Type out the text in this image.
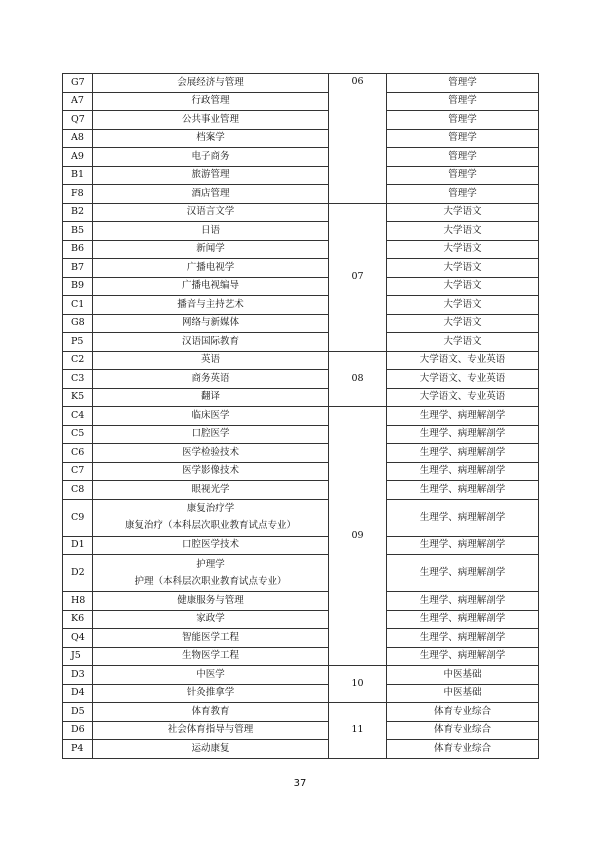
G7	会展经济与管理	06	管理学
A7	行政管理		管理学
Q7	公共事业管理		管理学
A8	档案学		管理学
A9	电子商务		管理学
B1	旅游管理		管理学
F8	酒店管理		管理学
B2	汉语言文学	07	大学语文
B5	日语		大学语文
B6	新闻学		大学语文
B7	广播电视学		大学语文
B9	广播电视编导		大学语文
C1	播音与主持艺术		大学语文
G8	网络与新媒体		大学语文
P5	汉语国际教育		大学语文
C2	英语	08	大学语文、专业英语
C3	商务英语		大学语文、专业英语
K5	翻译		大学语文、专业英语
C4	临床医学	09	生理学、病理解剖学
C5	口腔医学		生理学、病理解剖学
C6	医学检验技术		生理学、病理解剖学
C7	医学影像技术		生理学、病理解剖学
C8	眼视光学		生理学、病理解剖学
C9	康复治疗学
康复治疗（本科层次职业教育试点专业）		生理学、病理解剖学
D1	口腔医学技术		生理学、病理解剖学
D2	护理学
护理（本科层次职业教育试点专业）		生理学、病理解剖学
H8	健康服务与管理		生理学、病理解剖学
K6	家政学		生理学、病理解剖学
Q4	智能医学工程		生理学、病理解剖学
J5	生物医学工程		生理学、病理解剖学
D3	中医学	10	中医基础
D4	针灸推拿学		中医基础
D5	体育教育	11	体育专业综合
D6	社会体育指导与管理		体育专业综合
P4	运动康复		体育专业综合
37
